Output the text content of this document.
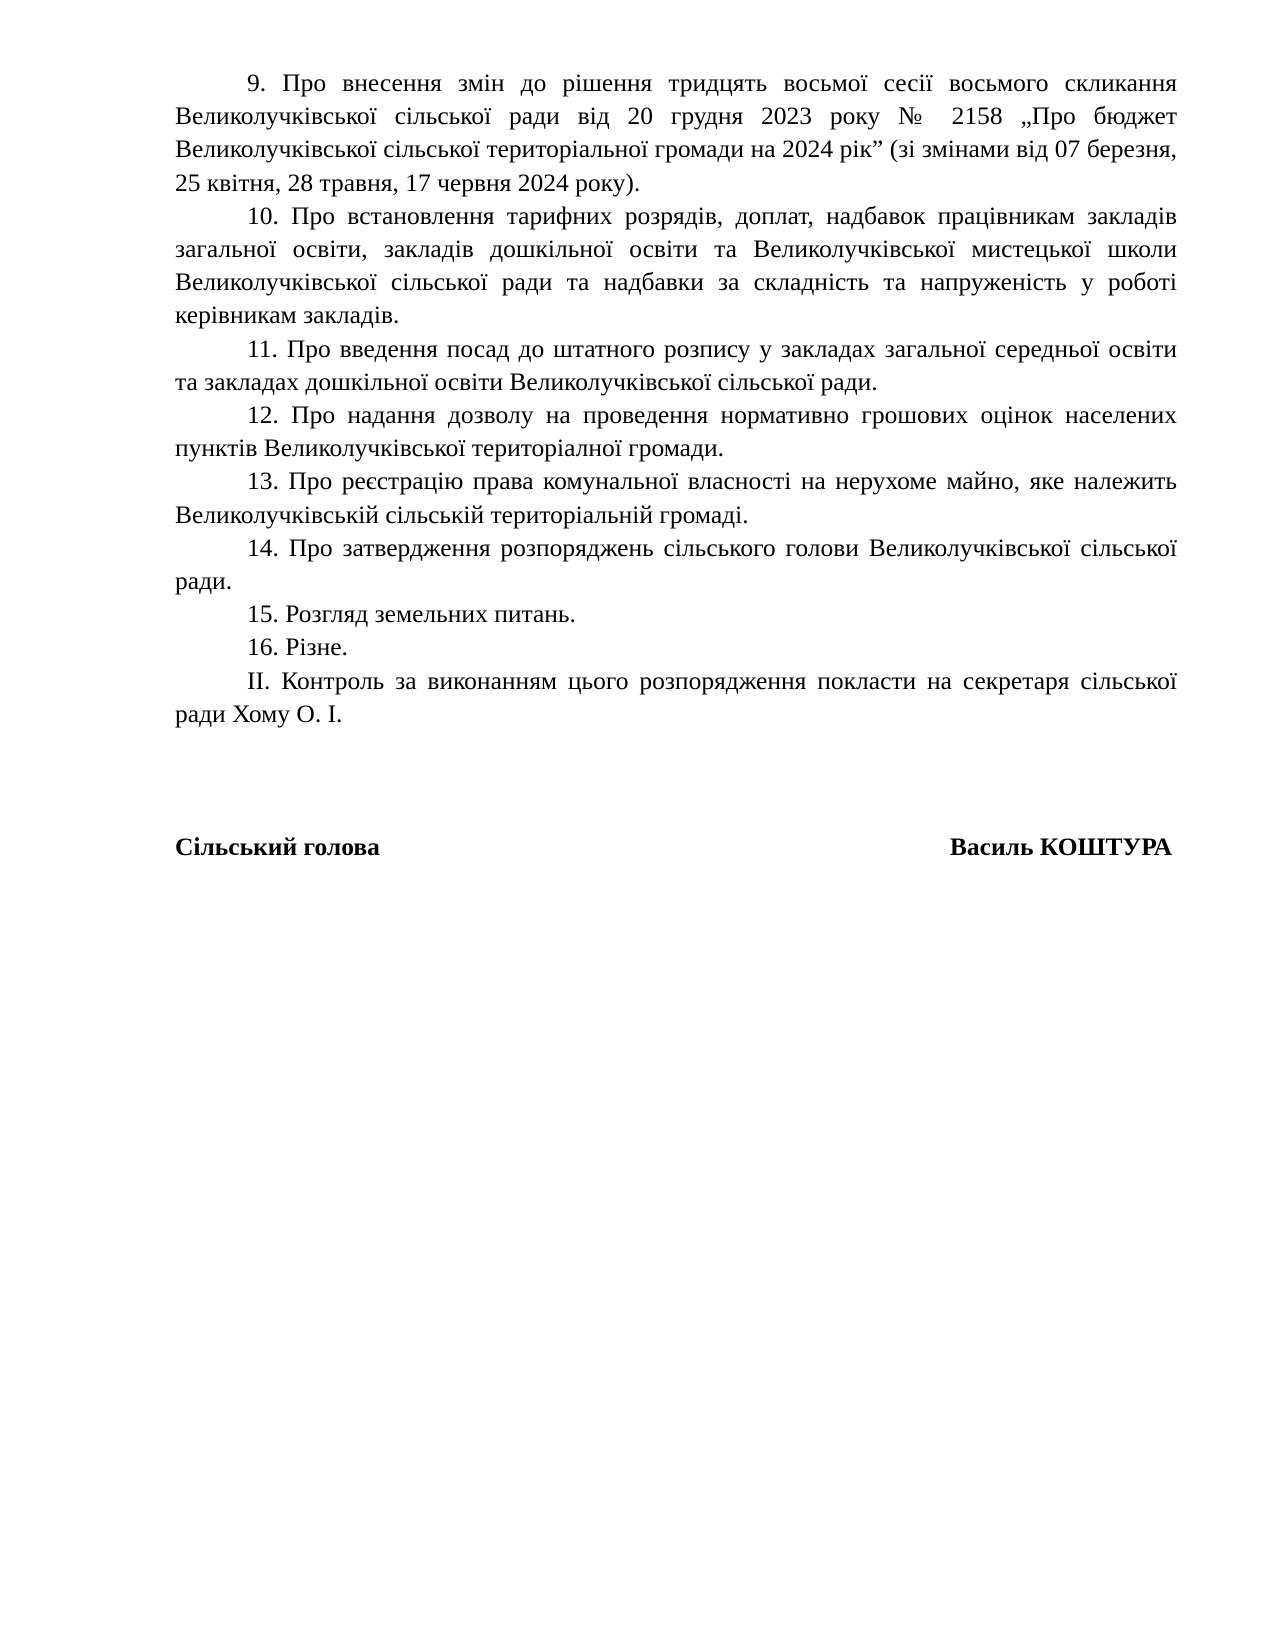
9. Про внесення змін до рішення тридцять восьмої сесії восьмого скликання Великолучківської сільської ради від 20 грудня 2023 року № 2158 „Про бюджет Великолучківської сільської територіальної громади на 2024 рік” (зі змінами від 07 березня, 25 квітня, 28 травня, 17 червня 2024 року).

10. Про встановлення тарифних розрядів, доплат, надбавок працівникам закладів загальної освіти, закладів дошкільної освіти та Великолучківської мистецької школи Великолучківської сільської ради та надбавки за складність та напруженість у роботі керівникам закладів.

11. Про введення посад до штатного розпису у закладах загальної середньої освіти та закладах дошкільної освіти Великолучківської сільської ради.

12. Про надання дозволу на проведення нормативно грошових оцінок населених пунктів Великолучківської територіалної громади.

13. Про реєстрацію права комунальної власності на нерухоме майно, яке належить Великолучківській сільській територіальній громаді.

14. Про затвердження розпоряджень сільського голови Великолучківської сільської ради.

15. Розгляд земельних питань.

16. Різне.

ІІ. Контроль за виконанням цього розпорядження покласти на секретаря сільської ради Хому О. І.

Сільський голова	Василь КОШТУРА
